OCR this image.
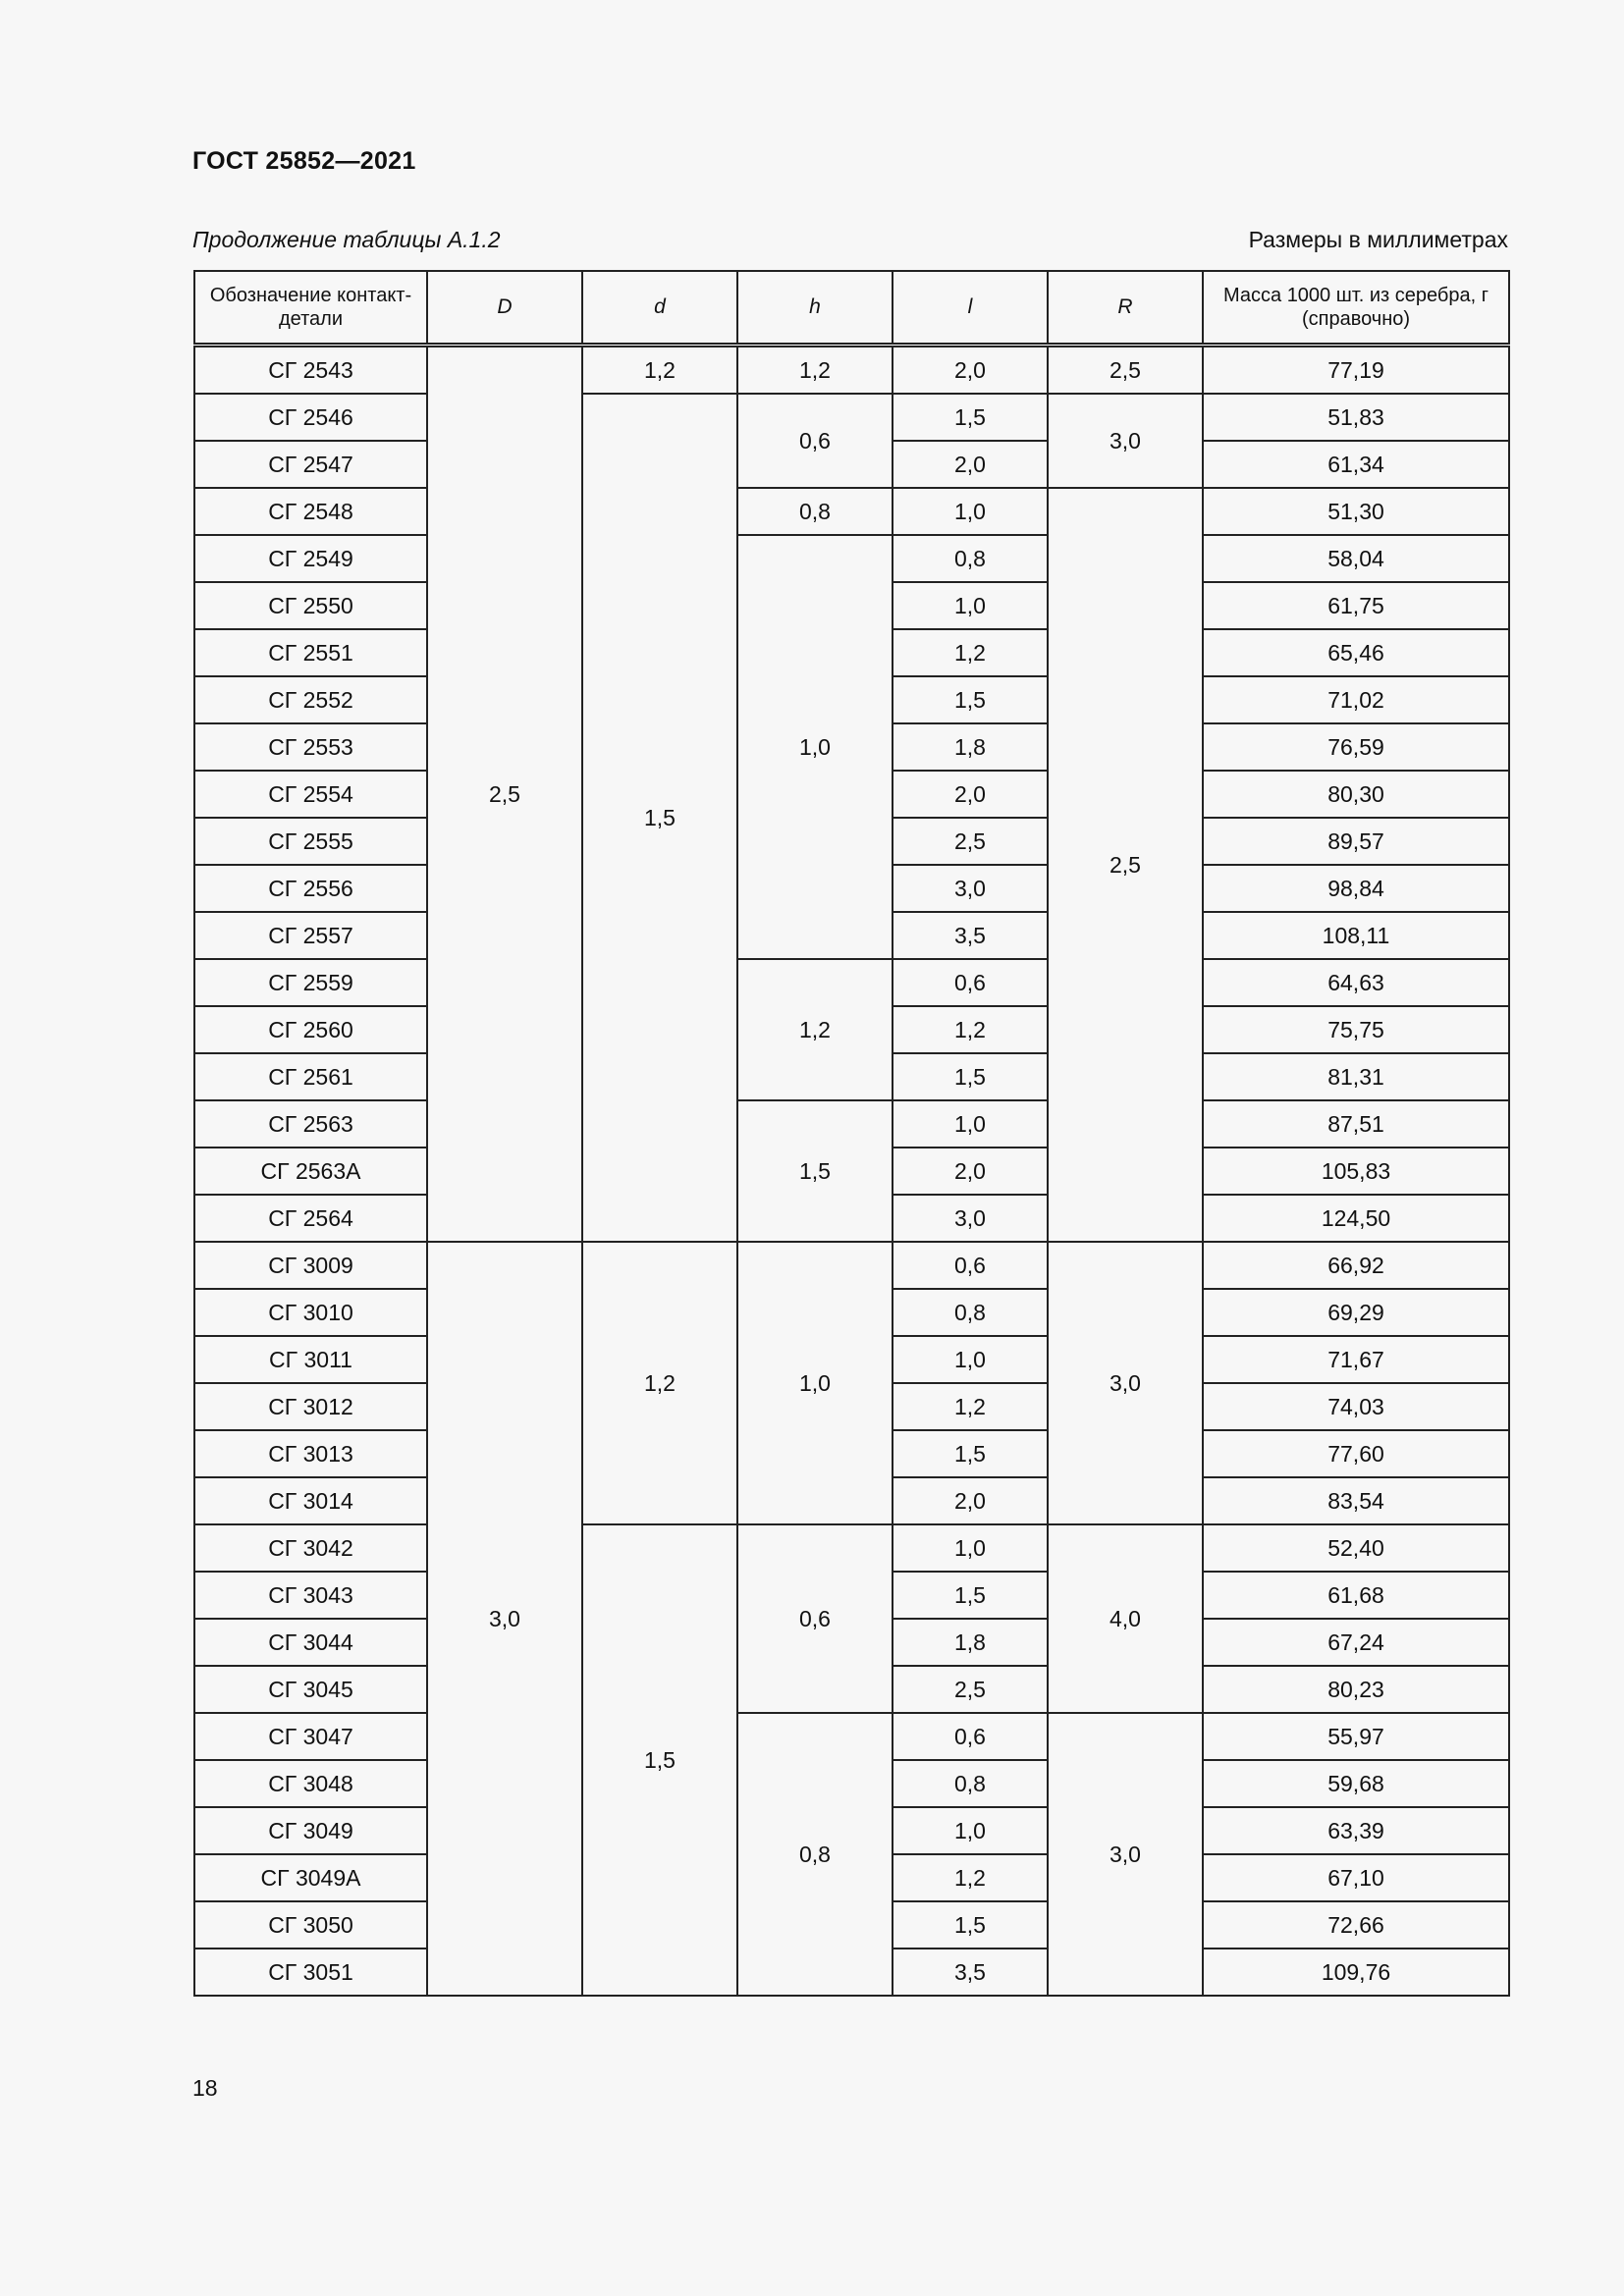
ГОСТ 25852—2021
Продолжение таблицы А.1.2	Размеры в миллиметрах
Обозначение контакт-детали	D	d	h	l	R	Масса 1000 шт. из серебра, г (справочно)
СГ 2543	2,5	1,2	1,2	2,0	2,5	77,19
СГ 2546		1,5	0,6	1,5	3,0	51,83
СГ 2547				2,0		61,34
СГ 2548			0,8	1,0	2,5	51,30
СГ 2549			1,0	0,8		58,04
СГ 2550				1,0		61,75
СГ 2551				1,2		65,46
СГ 2552				1,5		71,02
СГ 2553				1,8		76,59
СГ 2554				2,0		80,30
СГ 2555				2,5		89,57
СГ 2556				3,0		98,84
СГ 2557				3,5		108,11
СГ 2559			1,2	0,6		64,63
СГ 2560				1,2		75,75
СГ 2561				1,5		81,31
СГ 2563			1,5	1,0		87,51
СГ 2563А				2,0		105,83
СГ 2564				3,0		124,50
СГ 3009	3,0	1,2	1,0	0,6	3,0	66,92
СГ 3010				0,8		69,29
СГ 3011				1,0		71,67
СГ 3012				1,2		74,03
СГ 3013				1,5		77,60
СГ 3014				2,0		83,54
СГ 3042		1,5	0,6	1,0	4,0	52,40
СГ 3043				1,5		61,68
СГ 3044				1,8		67,24
СГ 3045				2,5		80,23
СГ 3047			0,8	0,6	3,0	55,97
СГ 3048				0,8		59,68
СГ 3049				1,0		63,39
СГ 3049А				1,2		67,10
СГ 3050				1,5		72,66
СГ 3051				3,5		109,76
18
